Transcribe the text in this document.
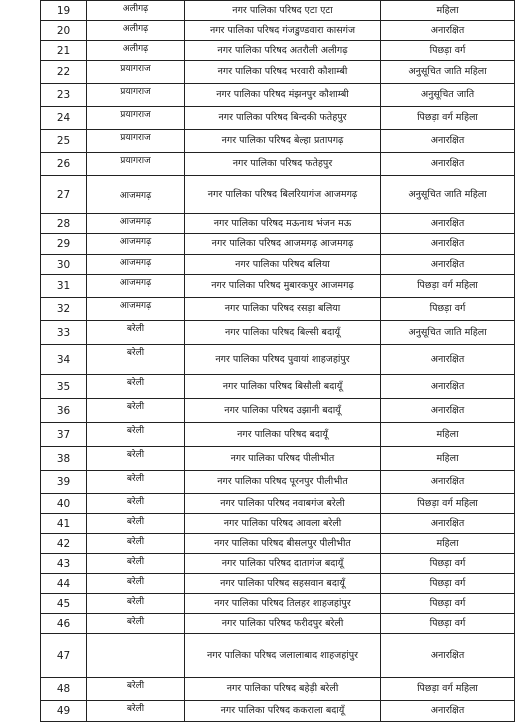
19	अलीगढ़	नगर पालिका परिषद एटा एटा	महिला
20	अलीगढ़	नगर पालिका परिषद गंजडुण्डवारा कासगंज	अनारक्षित
21	अलीगढ़	नगर पालिका परिषद अतरौली अलीगढ़	पिछड़ा वर्ग
22	प्रयागराज	नगर पालिका परिषद भरवारी कौशाम्बी	अनुसूचित जाति महिला
23	प्रयागराज	नगर पालिका परिषद मंझनपुर कौशाम्बी	अनुसूचित जाति
24	प्रयागराज	नगर पालिका परिषद बिन्दकी फतेहपुर	पिछड़ा वर्ग महिला
25	प्रयागराज	नगर पालिका परिषद बेल्हा प्रतापगढ़	अनारक्षित
26	प्रयागराज	नगर पालिका परिषद फतेहपुर	अनारक्षित
27	आजमगढ़	नगर पालिका परिषद बिलरियागंज आजमगढ़	अनुसूचित जाति महिला
28	आजमगढ़	नगर पालिका परिषद मऊनाथ भंजन मऊ	अनारक्षित
29	आजमगढ़	नगर पालिका परिषद आजमगढ़ आजमगढ़	अनारक्षित
30	आजमगढ़	नगर पालिका परिषद बलिया	अनारक्षित
31	आजमगढ़	नगर पालिका परिषद मुबारकपुर आजमगढ़	पिछड़ा वर्ग महिला
32	आजमगढ़	नगर पालिका परिषद रसड़ा बलिया	पिछड़ा वर्ग
33	बरेली	नगर पालिका परिषद बिल्सी बदायूँ	अनुसूचित जाति महिला
34	बरेली	नगर पालिका परिषद पुवायां शाहजहांपुर	अनारक्षित
35	बरेली	नगर पालिका परिषद बिसौली बदायूँ	अनारक्षित
36	बरेली	नगर पालिका परिषद उझानी बदायूँ	अनारक्षित
37	बरेली	नगर पालिका परिषद बदायूँ	महिला
38	बरेली	नगर पालिका परिषद पीलीभीत	महिला
39	बरेली	नगर पालिका परिषद पूरनपुर पीलीभीत	अनारक्षित
40	बरेली	नगर पालिका परिषद नवाबगंज बरेली	पिछड़ा वर्ग महिला
41	बरेली	नगर पालिका परिषद आवला बरेली	अनारक्षित
42	बरेली	नगर पालिका परिषद बीसलपुर पीलीभीत	महिला
43	बरेली	नगर पालिका परिषद दातागंज बदायूँ	पिछड़ा वर्ग
44	बरेली	नगर पालिका परिषद सहसवान बदायूँ	पिछड़ा वर्ग
45	बरेली	नगर पालिका परिषद तिलहर शाहजहांपुर	पिछड़ा वर्ग
46	बरेली	नगर पालिका परिषद फरीदपुर बरेली	पिछड़ा वर्ग
47		नगर पालिका परिषद जलालाबाद शाहजहांपुर	अनारक्षित
48	बरेली	नगर पालिका परिषद बहेड़ी बरेली	पिछड़ा वर्ग महिला
49	बरेली	नगर पालिका परिषद ककराला बदायूँ	अनारक्षित
